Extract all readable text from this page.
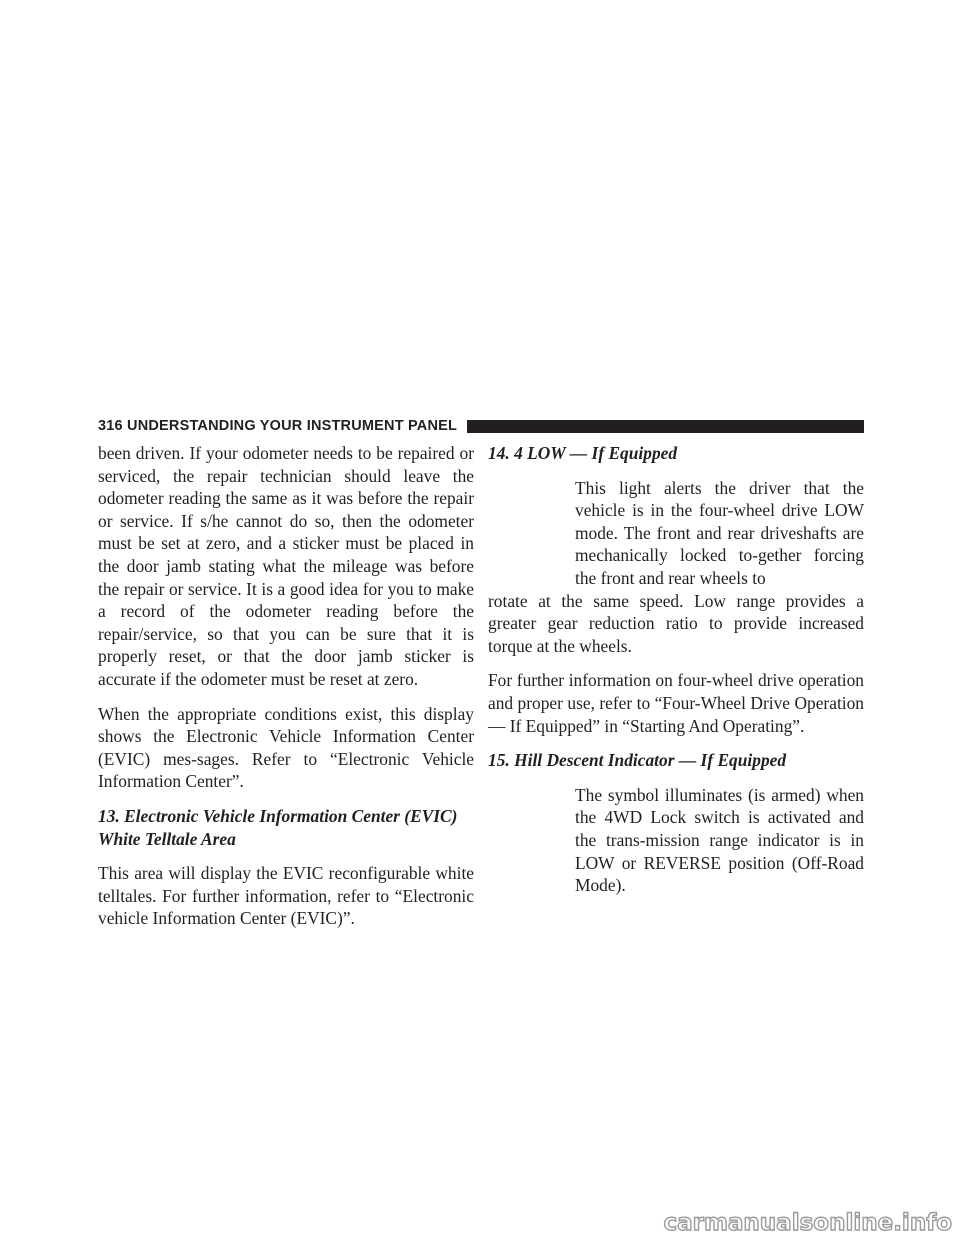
316 UNDERSTANDING YOUR INSTRUMENT PANEL

been driven. If your odometer needs to be repaired or serviced, the repair technician should leave the odometer reading the same as it was before the repair or service. If s/he cannot do so, then the odometer must be set at zero, and a sticker must be placed in the door jamb stating what the mileage was before the repair or service. It is a good idea for you to make a record of the odometer reading before the repair/service, so that you can be sure that it is properly reset, or that the door jamb sticker is accurate if the odometer must be reset at zero.

When the appropriate conditions exist, this display shows the Electronic Vehicle Information Center (EVIC) mes-sages. Refer to “Electronic Vehicle Information Center”.

13. Electronic Vehicle Information Center (EVIC) White Telltale Area

This area will display the EVIC reconfigurable white telltales. For further information, refer to “Electronic vehicle Information Center (EVIC)”.

14. 4 LOW — If Equipped

This light alerts the driver that the vehicle is in the four-wheel drive LOW mode. The front and rear driveshafts are mechanically locked to-gether forcing the front and rear wheels to

rotate at the same speed. Low range provides a greater gear reduction ratio to provide increased torque at the wheels.

For further information on four-wheel drive operation and proper use, refer to “Four-Wheel Drive Operation — If Equipped” in “Starting And Operating”.

15. Hill Descent Indicator — If Equipped

The symbol illuminates (is armed) when the 4WD Lock switch is activated and the trans-mission range indicator is in LOW or REVERSE position (Off-Road Mode).

carmanualsonline.info
